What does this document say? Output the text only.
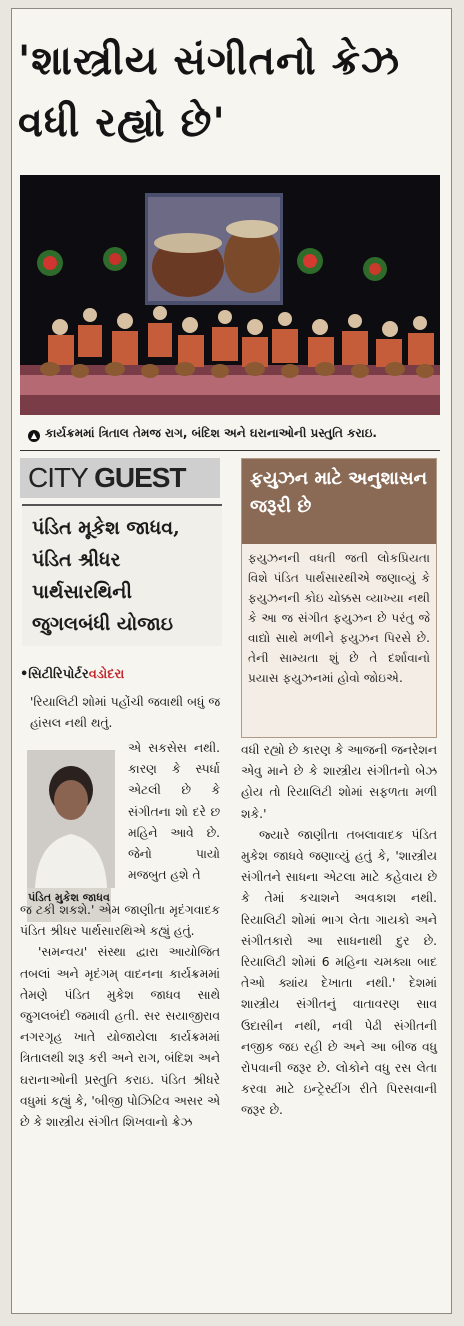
'શાસ્ત્રીય સંગીતનો ક્રેઝ વધી રહ્યો છે'
▲ કાર્યક્રમમાં ત્રિતાલ તેમજ રાગ, બંદિશ અને ઘરાનાઓની પ્રસ્તુતિ કરાઇ.
CITY GUEST
પંડિત મૂકેશ જાધવ, પંડિત શ્રીધર પાર્થસારથિની જુગલબંધી યોજાઇ
ફયુઝન માટે અનુશાસન જરૂરી છે
ફયુઝનની વધતી જતી લોકપ્રિયતા વિશે પંડિત પાર્થસારથીએ જણાવ્યું કે ફયુઝનની કોઇ ચોક્કસ વ્યાખ્યા નથી કે આ જ સંગીત ફયુઝન છે પરંતુ જે વાદ્યો સાથે મળીને ફયુઝન પિરસે છે. તેની સામ્યતા શું છે તે દર્શાવાનો પ્રયાસ ફયુઝનમાં હોવો જોઇએ.
•સિટીરિપોર્ટરવડોદરા

'રિયાલિટી શોમાં પહોંચી જવાથી બધું જ હાંસલ નથી થતું.

પંડિત મુકેશ જાધવ

એ સકસેસ નથી. કારણ કે સ્પર્ધા એટલી છે કે સંગીતના શો દરે છ મહિને આવે છે. જેનો પાયો મજબુત હશે તે

જ ટકી શકશે.' એમ જાણીતા મૃદંગવાદક પંડિત શ્રીધર પાર્થસારથિએ કહ્યું હતું.

'સમન્વય' સંસ્થા દ્વારા આયોજિત તબલાં અને મૃદંગમ્ વાદનના કાર્યક્રમમાં તેમણે પંડિત મુકેશ જાધવ સાથે જુગલબંદી જમાવી હતી. સર સયાજીરાવ નગરગૃહ ખાતે યોજાયેલા કાર્યક્રમમાં ત્રિતાલથી શરૂ કરી અને રાગ, બંદિશ અને ઘરાનાઓની પ્રસ્તુતિ કરાઇ. પંડિત શ્રીધરે વધુમાં કહ્યું કે, 'બીજી પોઝિટિવ અસર એ છે કે શાસ્ત્રીય સંગીત શિખવાનો ક્રેઝ

વધી રહ્યો છે કારણ કે આજની જનરેશન એવુ માને છે કે શાસ્ત્રીય સંગીતનો બેઝ હોય તો રિયાલિટી શોમાં સફળતા મળી શકે.'

જ્યારે જાણીતા તબલાવાદક પંડિત મુકેશ જાધવે જણાવ્યું હતું કે, 'શાસ્ત્રીય સંગીતને સાધના એટલા માટે કહેવાય છે કે તેમાં કચાશને અવકાશ નથી. રિયાલિટી શોમાં ભાગ લેતા ગાયકો અને સંગીતકારો આ સાધનાથી દુર છે. રિયાલિટી શોમાં 6 મહિના ચમક્યા બાદ તેઓ ક્યાંય દેખાતા નથી.' દેશમાં શાસ્ત્રીય સંગીતનું વાતાવરણ સાવ ઉદાસીન નથી, નવી પેઢી સંગીતની નજીક જઇ રહી છે અને આ બીજ વધુ રોપવાની જરૂર છે. લોકોને વધુ રસ લેતા કરવા માટે ઇન્ટ્રેસ્ટીંગ રીતે પિરસવાની જરૂર છે.
